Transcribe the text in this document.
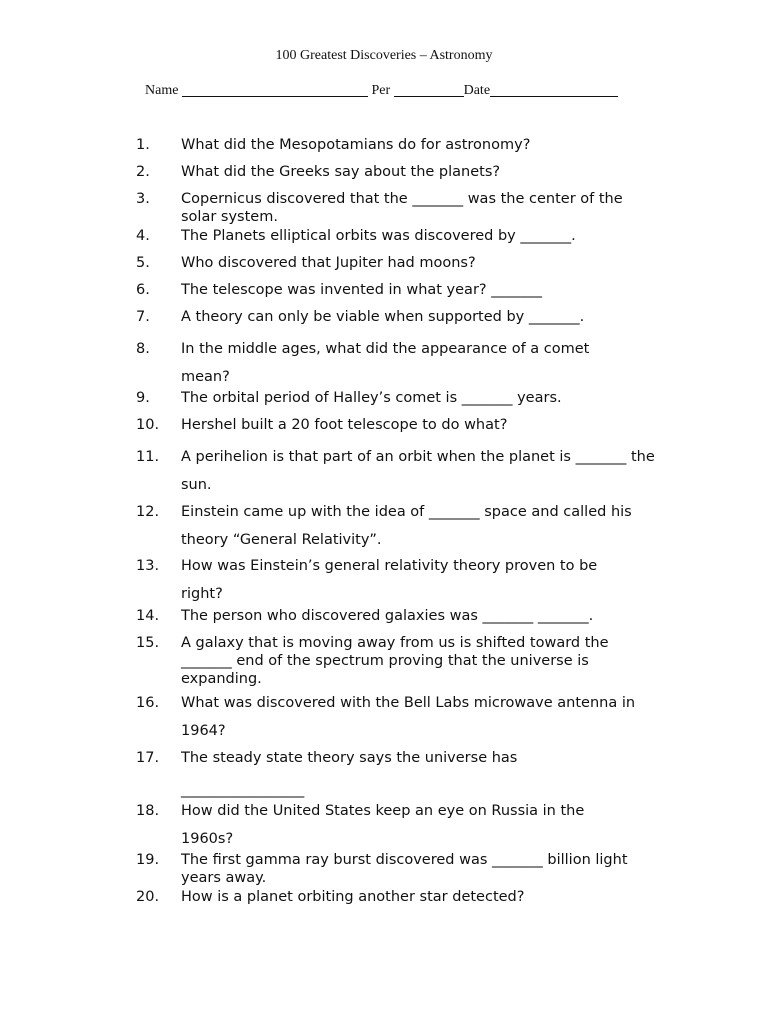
100 Greatest Discoveries – Astronomy
Name	Per	Date
1. What did the Mesopotamians do for astronomy?
2. What did the Greeks say about the planets?
3. Copernicus discovered that the _______ was the center of the
solar system.
4. The Planets elliptical orbits was discovered by _______.
5. Who discovered that Jupiter had moons?
6. The telescope was invented in what year? _______
7. A theory can only be viable when supported by _______.
8. In the middle ages, what did the appearance of a comet
mean?
9. The orbital period of Halley’s comet is _______ years.
10. Hershel built a 20 foot telescope to do what?
11. A perihelion is that part of an orbit when the planet is _______ the
sun.
12. Einstein came up with the idea of _______ space and called his
theory “General Relativity”.
13. How was Einstein’s general relativity theory proven to be
right?
14. The person who discovered galaxies was _______ _______.
15. A galaxy that is moving away from us is shifted toward the
_______ end of the spectrum proving that the universe is
expanding.
16. What was discovered with the Bell Labs microwave antenna in
1964?
17. The steady state theory says the universe has
_________________
18. How did the United States keep an eye on Russia in the
1960s?
19. The first gamma ray burst discovered was _______ billion light
years away.
20. How is a planet orbiting another star detected?
